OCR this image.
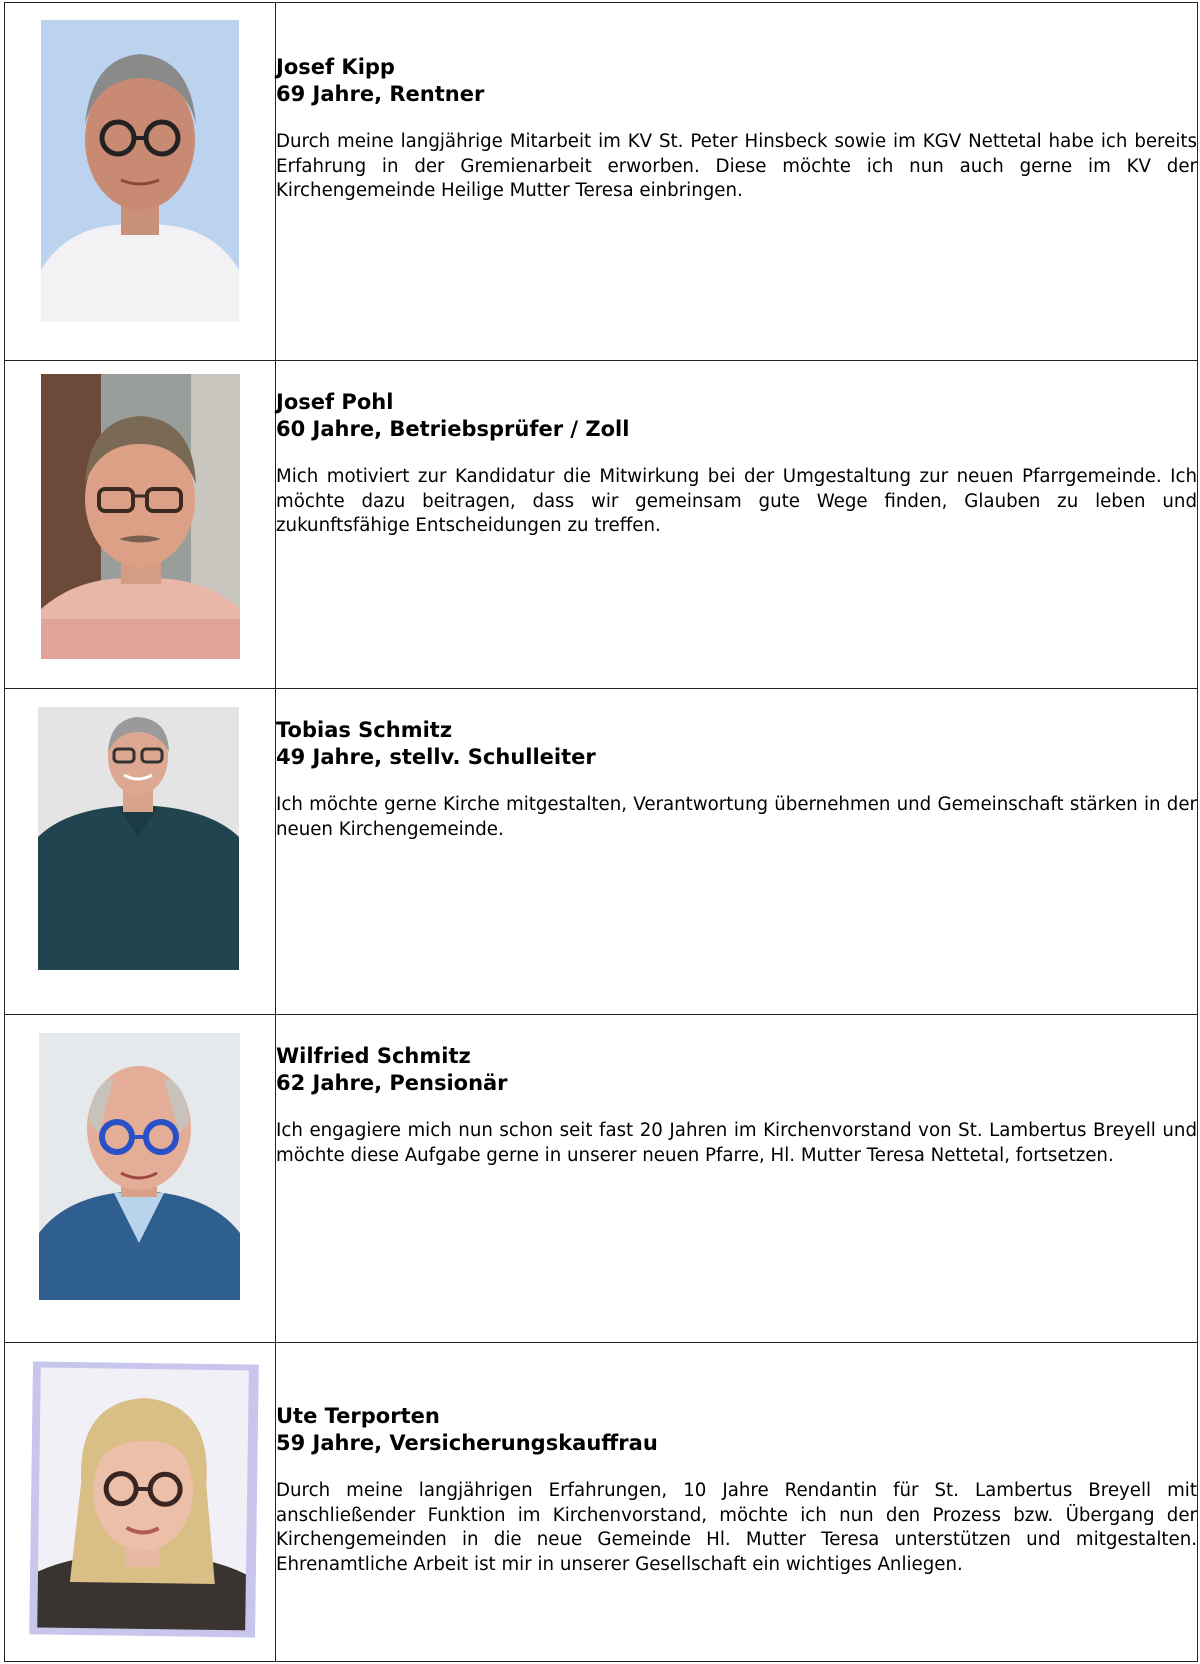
Josef Kipp
69 Jahre, Rentner
Durch meine langjährige Mitarbeit im KV St. Peter Hinsbeck sowie im KGV Nettetal habe ich bereits Erfahrung in der Gremienarbeit erworben. Diese möchte ich nun auch gerne im KV der Kirchengemeinde Heilige Mutter Teresa einbringen.

Josef Pohl
60 Jahre, Betriebsprüfer / Zoll
Mich motiviert zur Kandidatur die Mitwirkung bei der Umgestaltung zur neuen Pfarrgemeinde. Ich möchte dazu beitragen, dass wir gemeinsam gute Wege finden, Glauben zu leben und zukunftsfähige Entscheidungen zu treffen.

Tobias Schmitz
49 Jahre, stellv. Schulleiter
Ich möchte gerne Kirche mitgestalten, Verantwortung übernehmen und Gemeinschaft stärken in der neuen Kirchengemeinde.

Wilfried Schmitz
62 Jahre, Pensionär
Ich engagiere mich nun schon seit fast 20 Jahren im Kirchenvorstand von St. Lambertus Breyell und möchte diese Aufgabe gerne in unserer neuen Pfarre, Hl. Mutter Teresa Nettetal, fortsetzen.

Ute Terporten
59 Jahre, Versicherungskauffrau
Durch meine langjährigen Erfahrungen, 10 Jahre Rendantin für St. Lambertus Breyell mit anschließender Funktion im Kirchenvorstand, möchte ich nun den Prozess bzw. Übergang der Kirchengemeinden in die neue Gemeinde Hl. Mutter Teresa unterstützen und mitgestalten. Ehrenamtliche Arbeit ist mir in unserer Gesellschaft ein wichtiges Anliegen.
